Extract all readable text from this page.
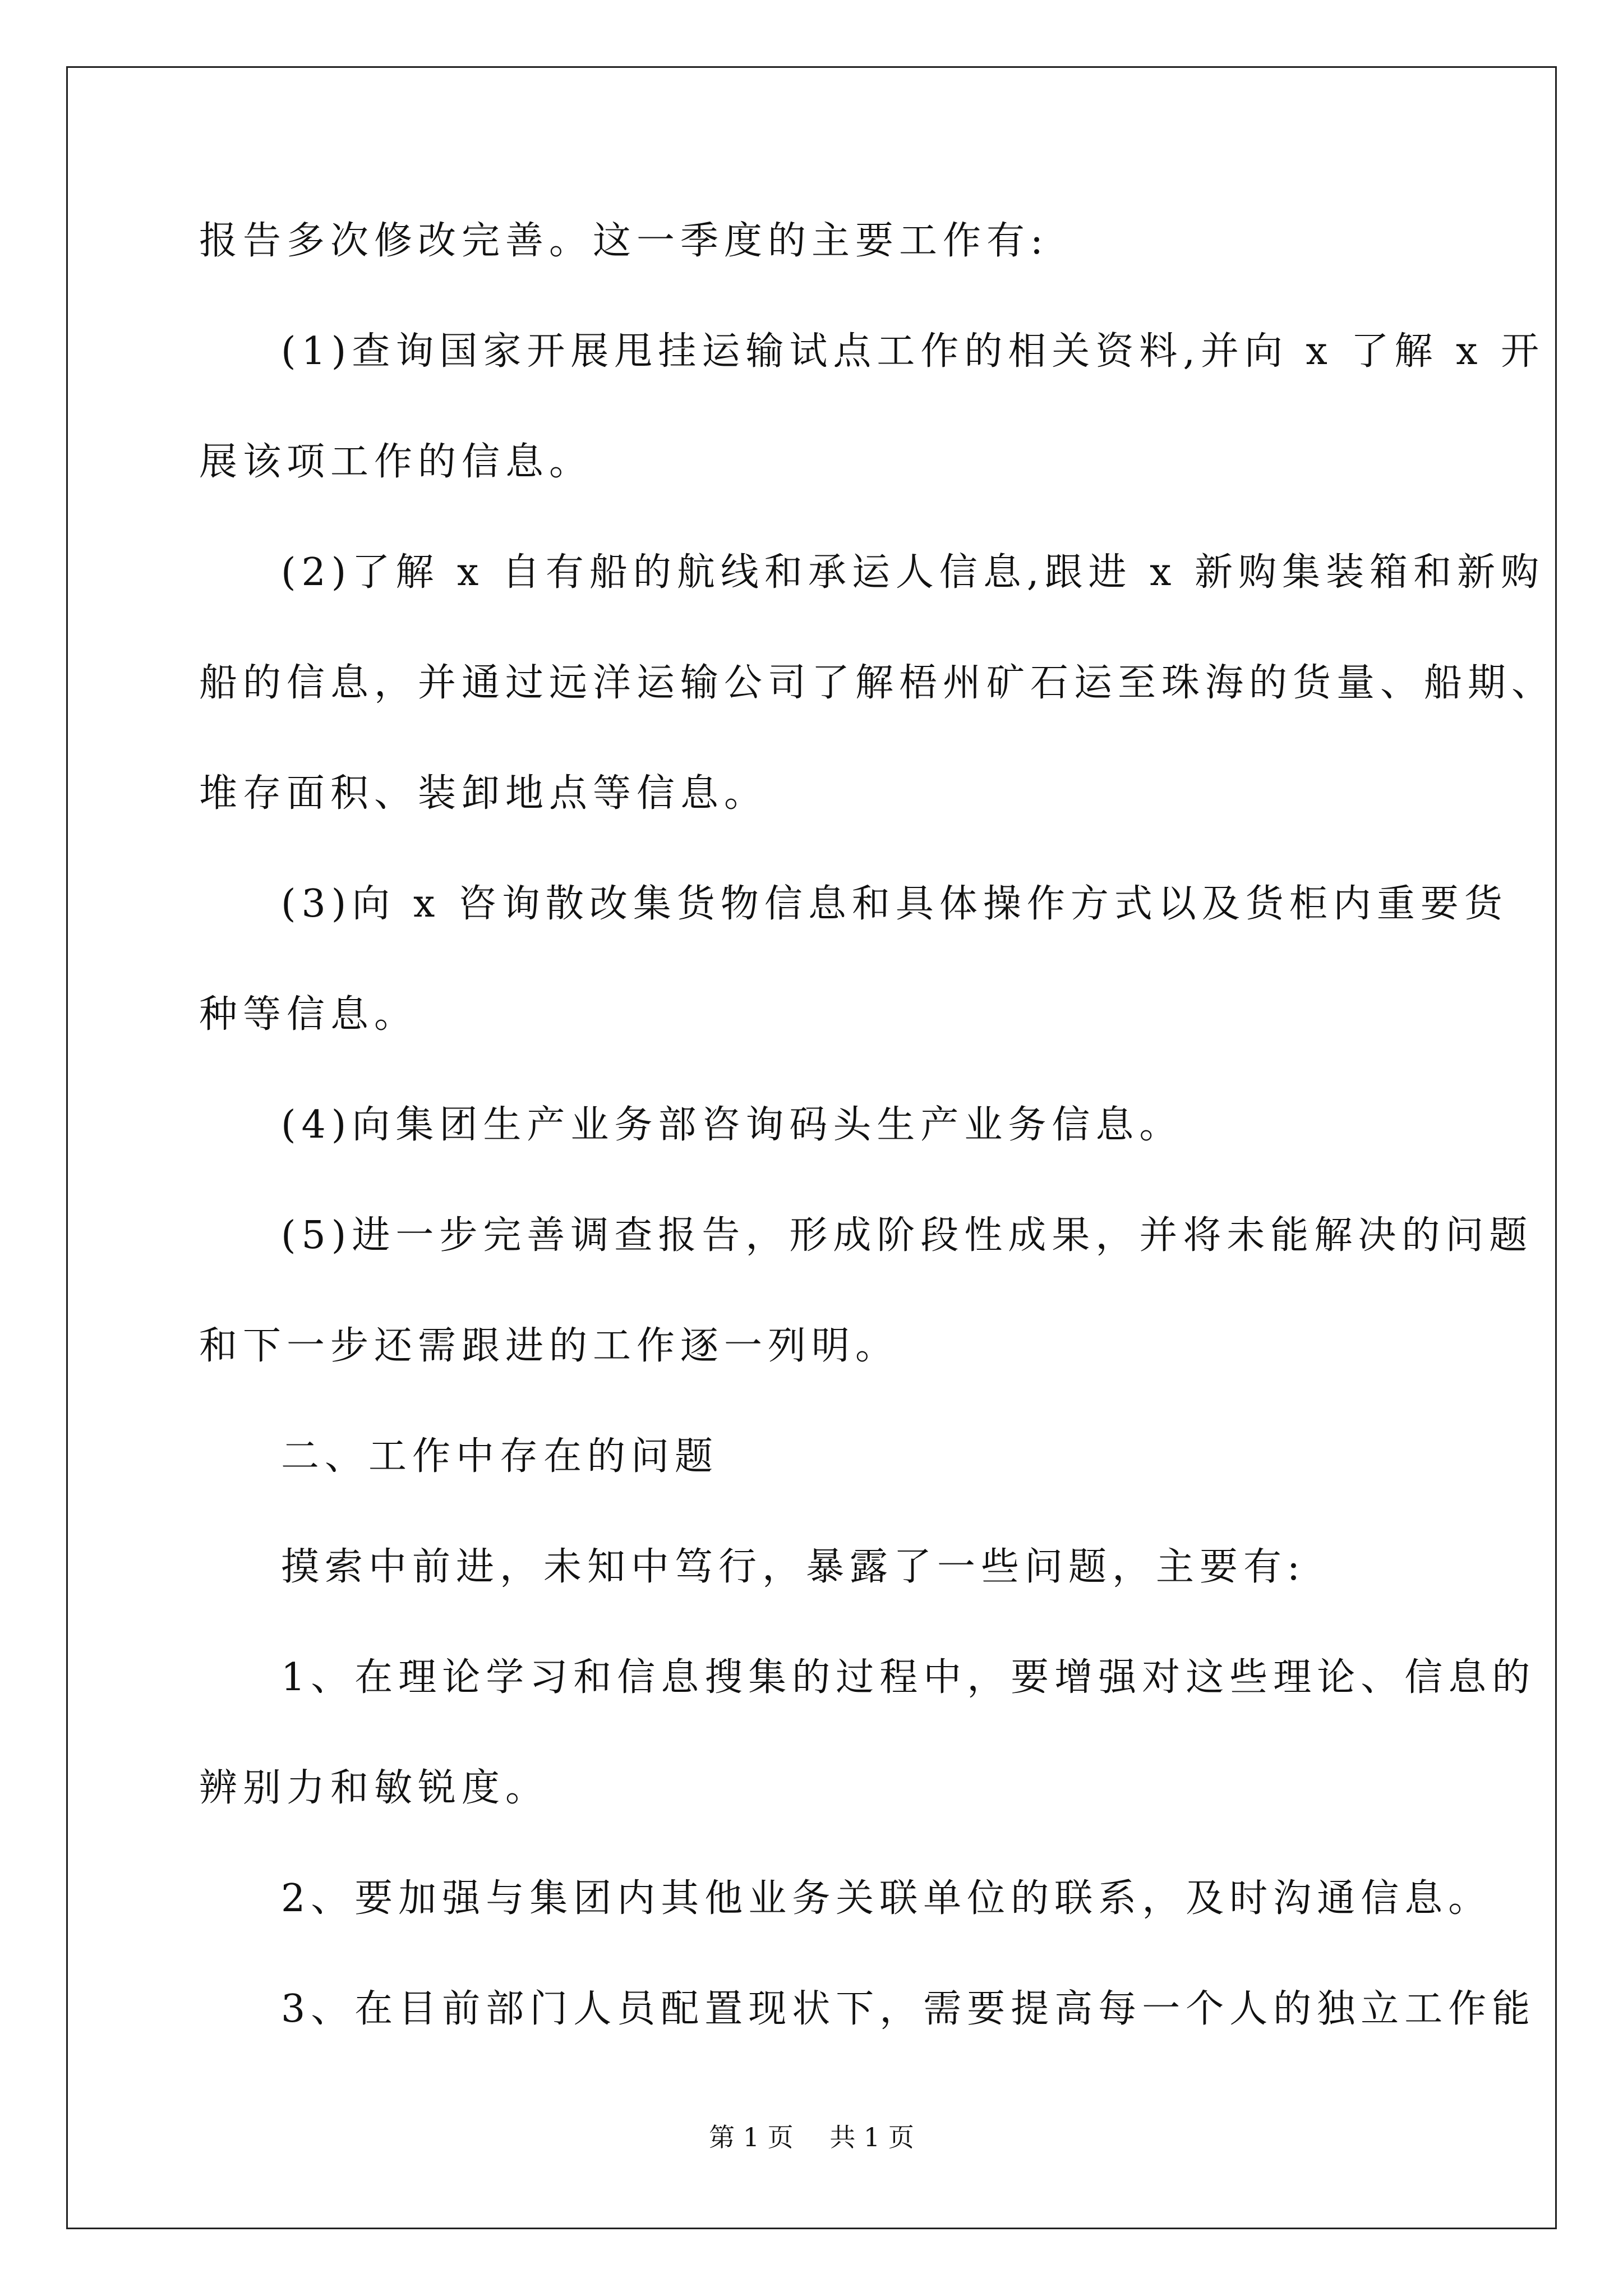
报告多次修改完善。这一季度的主要工作有:

(1)查询国家开展甩挂运输试点工作的相关资料,并向 x 了解 x 开

展该项工作的信息。

(2)了解 x 自有船的航线和承运人信息,跟进 x 新购集装箱和新购

船的信息，并通过远洋运输公司了解梧州矿石运至珠海的货量、船期、

堆存面积、装卸地点等信息。

(3)向 x 咨询散改集货物信息和具体操作方式以及货柜内重要货

种等信息。

(4)向集团生产业务部咨询码头生产业务信息。

(5)进一步完善调查报告，形成阶段性成果，并将未能解决的问题

和下一步还需跟进的工作逐一列明。

二、工作中存在的问题

摸索中前进，未知中笃行，暴露了一些问题，主要有:

1、在理论学习和信息搜集的过程中，要增强对这些理论、信息的

辨别力和敏锐度。

2、要加强与集团内其他业务关联单位的联系，及时沟通信息。

3、在目前部门人员配置现状下，需要提高每一个人的独立工作能

第 1 页 共 1 页
